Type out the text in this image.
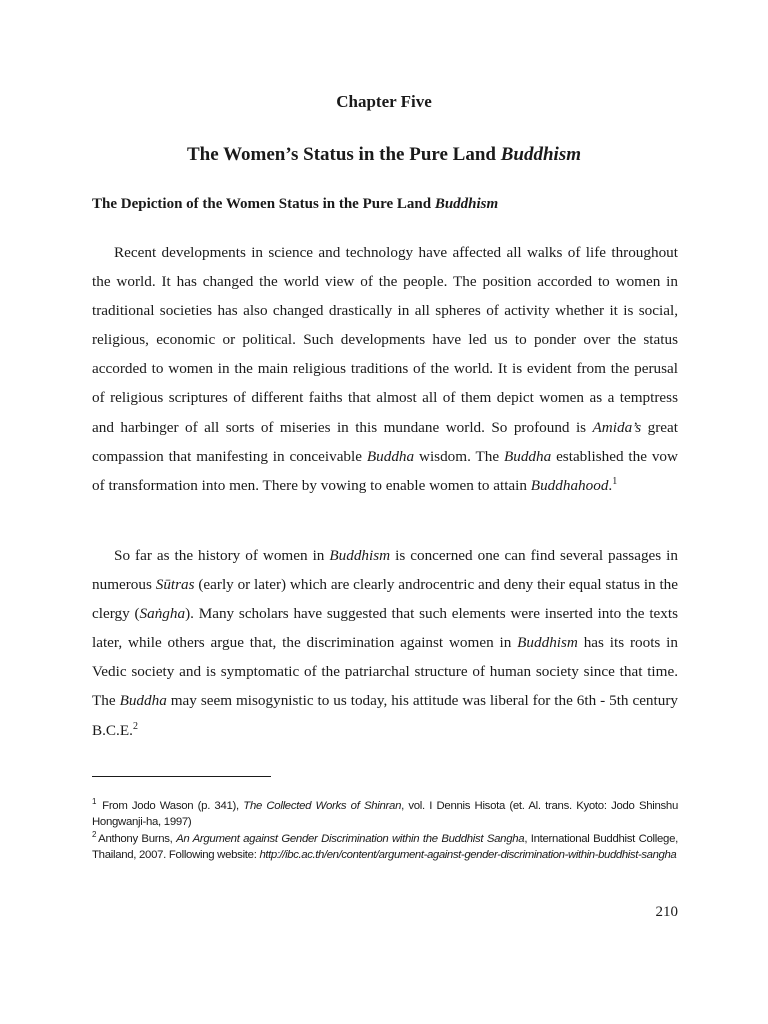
Chapter Five
The Women’s Status in the Pure Land Buddhism
The Depiction of the Women Status in the Pure Land Buddhism

Recent developments in science and technology have affected all walks of life throughout the world. It has changed the world view of the people. The position accorded to women in traditional societies has also changed drastically in all spheres of activity whether it is social, religious, economic or political. Such developments have led us to ponder over the status accorded to women in the main religious traditions of the world. It is evident from the perusal of religious scriptures of different faiths that almost all of them depict women as a temptress and harbinger of all sorts of miseries in this mundane world. So profound is Amida’s great compassion that manifesting in conceivable Buddha wisdom. The Buddha established the vow of transformation into men. There by vowing to enable women to attain Buddhahood.$^1$

So far as the history of women in Buddhism is concerned one can find several passages in numerous Sūtras (early or later) which are clearly androcentric and deny their equal status in the clergy (Saṅgha). Many scholars have suggested that such elements were inserted into the texts later, while others argue that, the discrimination against women in Buddhism has its roots in Vedic society and is symptomatic of the patriarchal structure of human society since that time. The Buddha may seem misogynistic to us today, his attitude was liberal for the 6th - 5th century B.C.E.$^2$

$^1$ From Jodo Wason (p. 341), The Collected Works of Shinran, vol. I Dennis Hisota (et. Al. trans. Kyoto: Jodo Shinshu Hongwanji-ha, 1997)

$^2$ Anthony Burns, An Argument against Gender Discrimination within the Buddhist Sangha, International Buddhist College, Thailand, 2007. Following website: http://ibc.ac.th/en/content/argument-against-gender-discrimination-within-buddhist-sangha

210
